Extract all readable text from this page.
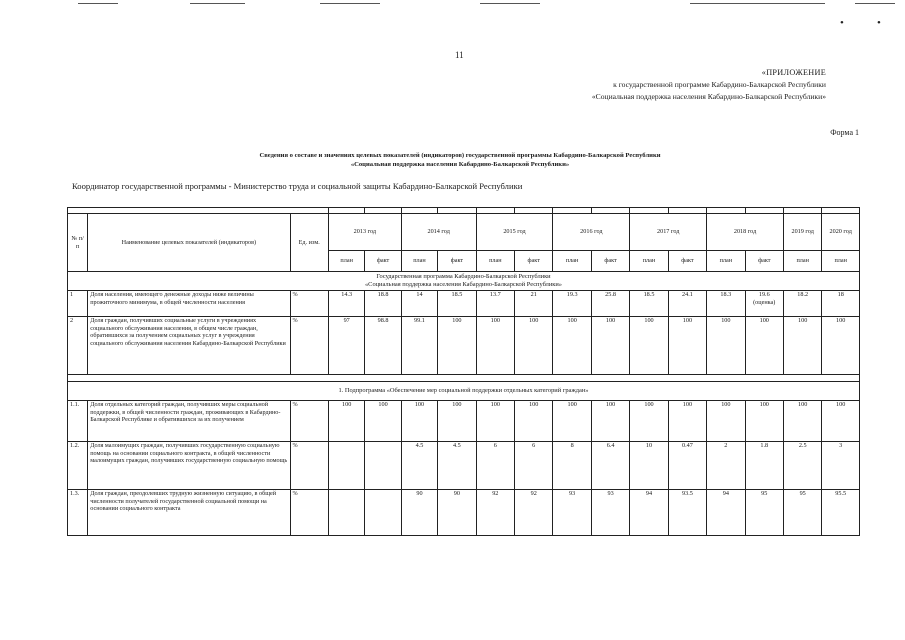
•	•
11
«ПРИЛОЖЕНИЕ
к государственной программе Кабардино-Балкарской Республики
«Социальная поддержка населения Кабардино-Балкарской Республики»
Форма 1
Сведения о составе и значениях целевых показателей (индикаторов) государственной программы Кабардино-Балкарской Республики
«Социальная поддержка населения Кабардино-Балкарской Республики»
Координатор государственной программы - Министерство труда и социальной защиты Кабардино-Балкарской Республики

№ п/п	Наименование целевых показателей (индикаторов)	Ед. изм.	2013 год		2014 год		2015 год		2016 год		2017 год		2018 год		2019 год	2020 год
			план	факт	план	факт	план	факт	план	факт	план	факт	план	факт	план	план

Государственная программа Кабардино-Балкарской Республики
«Социальная поддержка населения Кабардино-Балкарской Республики»																

1	Доля населения, имеющего денежные доходы ниже величины прожиточного минимума, в общей численности населения	%	14.3	18.8	14	18.5	13.7	21	19.3	25.8	18.5	24.1	18.3	19.6 (оценка)	18.2	18
2	Доля граждан, получивших социальные услуги в учреждениях социального обслуживания населения, в общем числе граждан, обратившихся за получением социальных услуг в учреждения социального обслуживания населения Кабардино-Балкарской Республики	%	97	98.8	99.1	100	100	100	100	100	100	100	100	100	100	100

1. Подпрограмма «Обеспечение мер социальной поддержки отдельных категорий граждан»																
1.1.	Доля отдельных категорий граждан, получивших меры социальной поддержки, в общей численности граждан, проживающих в Кабардино-Балкарской Республике и обратившихся за их получением	%	100	100	100	100	100	100	100	100	100	100	100	100	100	100
1.2.	Доля малоимущих граждан, получивших государственную социальную помощь на основании социального контракта, в общей численности малоимущих граждан, получивших государственную социальную помощь	%			4.5	4.5	6	6	8	6.4	10	0.47	2	1.8	2.5	3
1.3.	Доля граждан, преодолевших трудную жизненную ситуацию, в общей численности получателей государственной социальной помощи на основании социального контракта	%			90	90	92	92	93	93	94	93.5	94	95	95	95.5
